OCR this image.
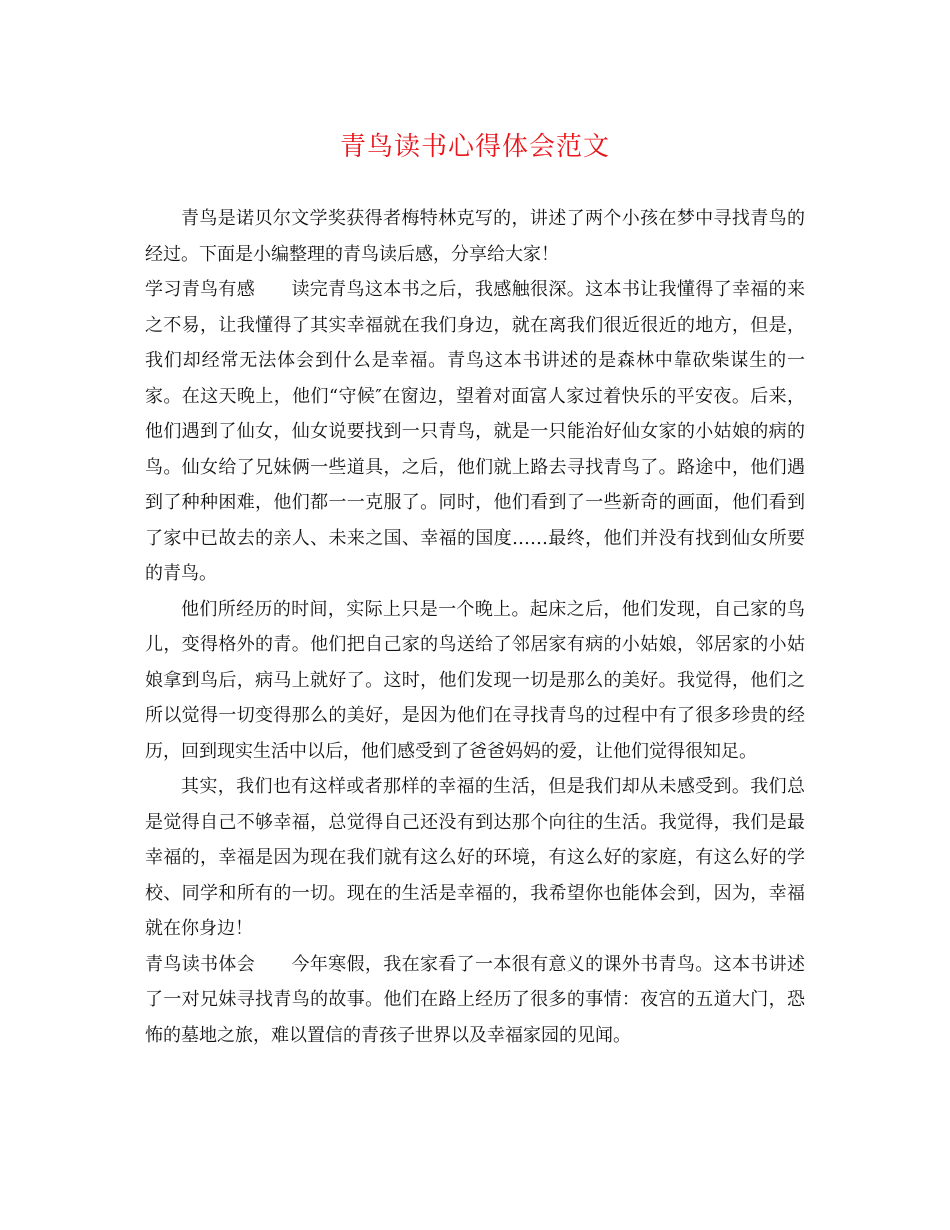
青鸟读书心得体会范文

青鸟是诺贝尔文学奖获得者梅特林克写的，讲述了两个小孩在梦中寻找青鸟的经过。下面是小编整理的青鸟读后感，分享给大家！

学习青鸟有感 读完青鸟这本书之后，我感触很深。这本书让我懂得了幸福的来之不易，让我懂得了其实幸福就在我们身边，就在离我们很近很近的地方，但是，我们却经常无法体会到什么是幸福。青鸟这本书讲述的是森林中靠砍柴谋生的一家。在这天晚上，他们“守候″在窗边，望着对面富人家过着快乐的平安夜。后来，他们遇到了仙女，仙女说要找到一只青鸟，就是一只能治好仙女家的小姑娘的病的鸟。仙女给了兄妹俩一些道具，之后，他们就上路去寻找青鸟了。路途中，他们遇到了种种困难，他们都一一克服了。同时，他们看到了一些新奇的画面，他们看到了家中已故去的亲人、未来之国、幸福的国度……最终，他们并没有找到仙女所要的青鸟。

他们所经历的时间，实际上只是一个晚上。起床之后，他们发现，自己家的鸟儿，变得格外的青。他们把自己家的鸟送给了邻居家有病的小姑娘，邻居家的小姑娘拿到鸟后，病马上就好了。这时，他们发现一切是那么的美好。我觉得，他们之所以觉得一切变得那么的美好，是因为他们在寻找青鸟的过程中有了很多珍贵的经历，回到现实生活中以后，他们感受到了爸爸妈妈的爱，让他们觉得很知足。

其实，我们也有这样或者那样的幸福的生活，但是我们却从未感受到。我们总是觉得自己不够幸福，总觉得自己还没有到达那个向往的生活。我觉得，我们是最幸福的，幸福是因为现在我们就有这么好的环境，有这么好的家庭，有这么好的学校、同学和所有的一切。现在的生活是幸福的，我希望你也能体会到，因为，幸福就在你身边！

青鸟读书体会 今年寒假，我在家看了一本很有意义的课外书青鸟。这本书讲述了一对兄妹寻找青鸟的故事。他们在路上经历了很多的事情：夜宫的五道大门，恐怖的墓地之旅，难以置信的青孩子世界以及幸福家园的见闻。
